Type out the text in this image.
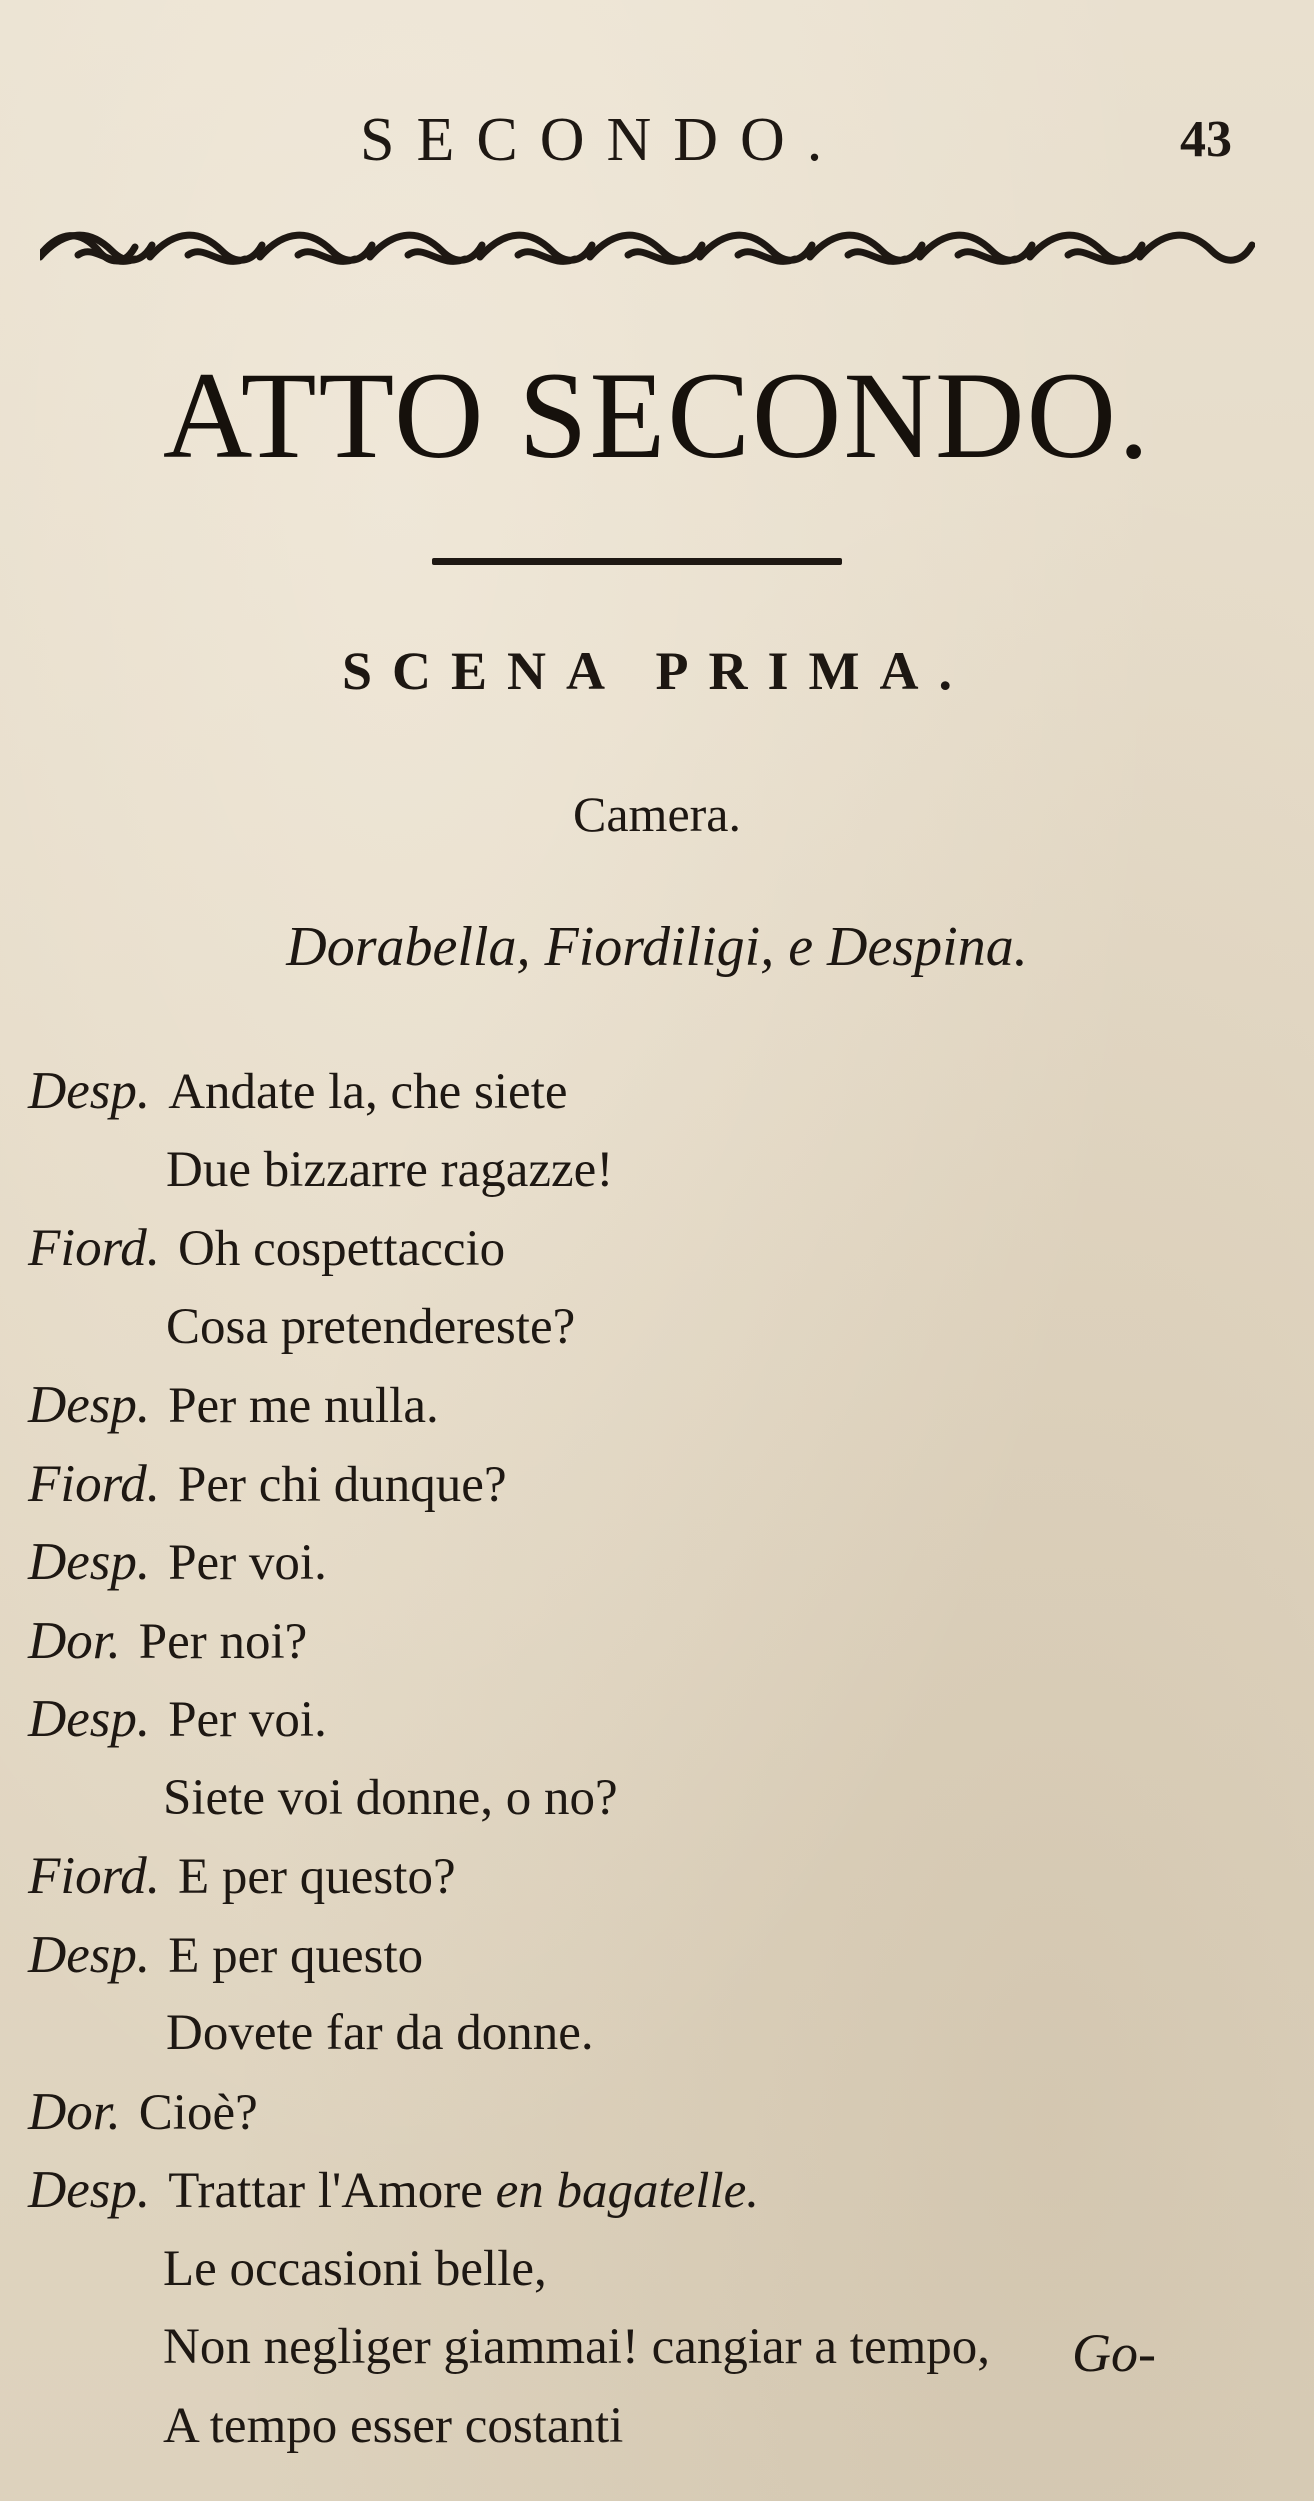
SECONDO.	43
ATTO SECONDO.
SCENA PRIMA.
Camera.
Dorabella, Fiordiligi, e Despina.
Desp. Andate la, che siete
Due bizzarre ragazze!
Fiord. Oh cospettaccio
Cosa pretendereste?
Desp. Per me nulla.
Fiord. Per chi dunque?
Desp. Per voi.
Dor. Per noi?
Desp. Per voi.
Siete voi donne, o no?
Fiord. E per questo?
Desp. E per questo
Dovete far da donne.
Dor. Cioè?
Desp. Trattar l'Amore en bagatelle.
Le occasioni belle,
Non negliger giammai! cangiar a tempo,
A tempo esser costanti
Go-
